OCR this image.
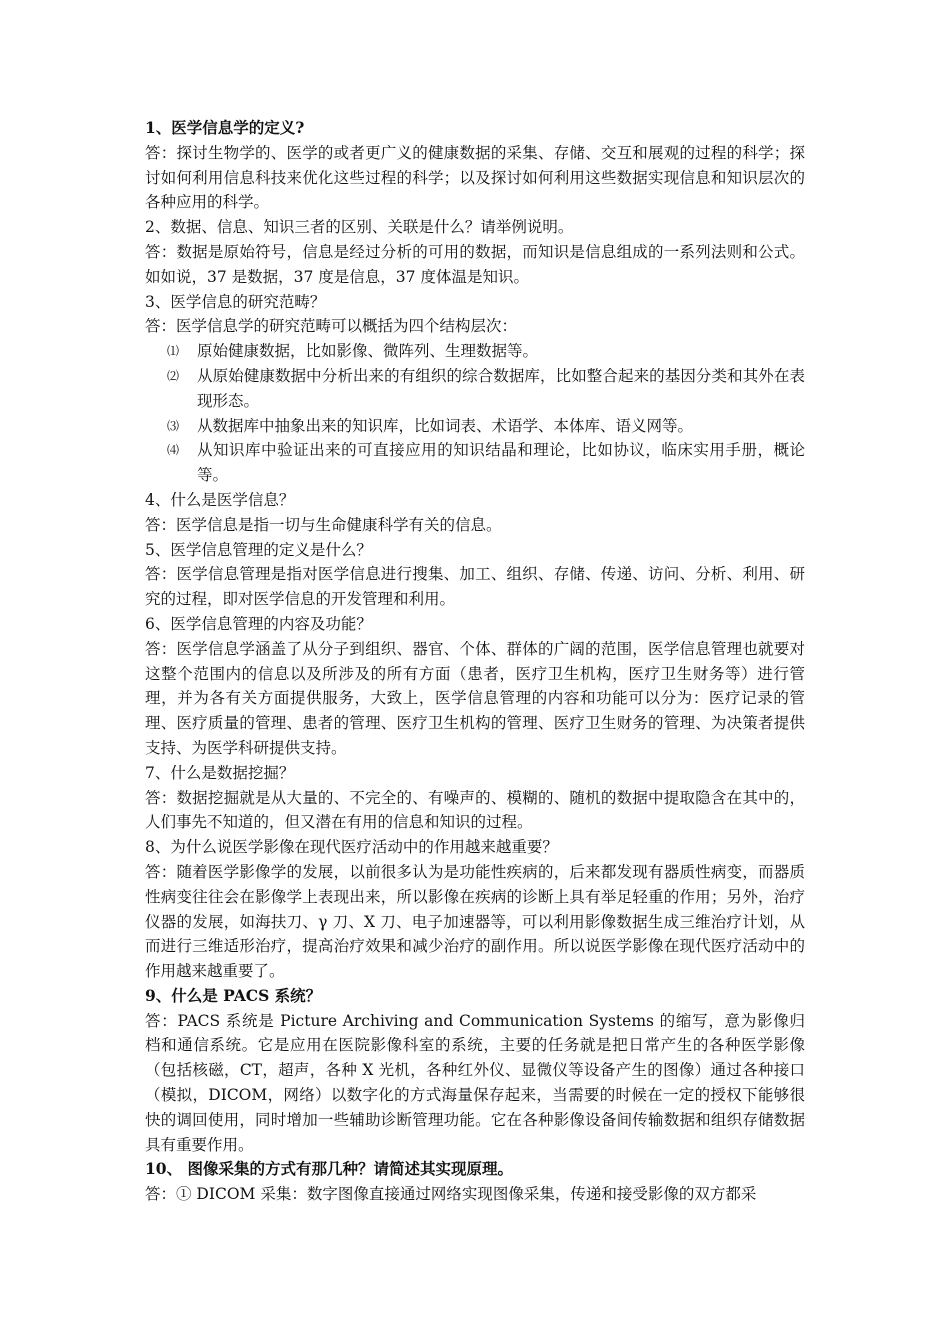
1、医学信息学的定义?

答：探讨生物学的、医学的或者更广义的健康数据的采集、存储、交互和展观的过程的科学；探讨如何利用信息科技来优化这些过程的科学；以及探讨如何利用这些数据实现信息和知识层次的各种应用的科学。

2、数据、信息、知识三者的区别、关联是什么？请举例说明。

答：数据是原始符号，信息是经过分析的可用的数据，而知识是信息组成的一系列法则和公式。如如说，37 是数据，37 度是信息，37 度体温是知识。

3、医学信息的研究范畴？

答：医学信息学的研究范畴可以概括为四个结构层次：

⑴ 原始健康数据，比如影像、微阵列、生理数据等。
⑵ 从原始健康数据中分析出来的有组织的综合数据库，比如整合起来的基因分类和其外在表现形态。
⑶ 从数据库中抽象出来的知识库，比如词表、术语学、本体库、语义网等。
⑷ 从知识库中验证出来的可直接应用的知识结晶和理论，比如协议，临床实用手册，概论等。

4、什么是医学信息？

答：医学信息是指一切与生命健康科学有关的信息。

5、医学信息管理的定义是什么？

答：医学信息管理是指对医学信息进行搜集、加工、组织、存储、传递、访问、分析、利用、研究的过程，即对医学信息的开发管理和利用。

6、医学信息管理的内容及功能？

答：医学信息学涵盖了从分子到组织、器官、个体、群体的广阔的范围，医学信息管理也就要对这整个范围内的信息以及所涉及的所有方面（患者，医疗卫生机构，医疗卫生财务等）进行管理，并为各有关方面提供服务，大致上，医学信息管理的内容和功能可以分为：医疗记录的管理、医疗质量的管理、患者的管理、医疗卫生机构的管理、医疗卫生财务的管理、为决策者提供支持、为医学科研提供支持。

7、什么是数据挖掘？

答：数据挖掘就是从大量的、不完全的、有噪声的、模糊的、随机的数据中提取隐含在其中的，人们事先不知道的，但又潜在有用的信息和知识的过程。

8、为什么说医学影像在现代医疗活动中的作用越来越重要？

答：随着医学影像学的发展，以前很多认为是功能性疾病的，后来都发现有器质性病变，而器质性病变往往会在影像学上表现出来，所以影像在疾病的诊断上具有举足轻重的作用；另外，治疗仪器的发展，如海扶刀、γ 刀、X 刀、电子加速器等，可以利用影像数据生成三维治疗计划，从而进行三维适形治疗，提高治疗效果和减少治疗的副作用。所以说医学影像在现代医疗活动中的作用越来越重要了。

9、什么是 PACS 系统？

答：PACS 系统是 Picture Archiving and Communication Systems 的缩写，意为影像归档和通信系统。它是应用在医院影像科室的系统，主要的任务就是把日常产生的各种医学影像（包括核磁，CT，超声，各种 X 光机，各种红外仪、显微仪等设备产生的图像）通过各种接口（模拟，DICOM，网络）以数字化的方式海量保存起来，当需要的时候在一定的授权下能够很快的调回使用，同时增加一些辅助诊断管理功能。它在各种影像设备间传输数据和组织存储数据具有重要作用。

10、 图像采集的方式有那几种？请简述其实现原理。

答：① DICOM 采集：数字图像直接通过网络实现图像采集，传递和接受影像的双方都采
